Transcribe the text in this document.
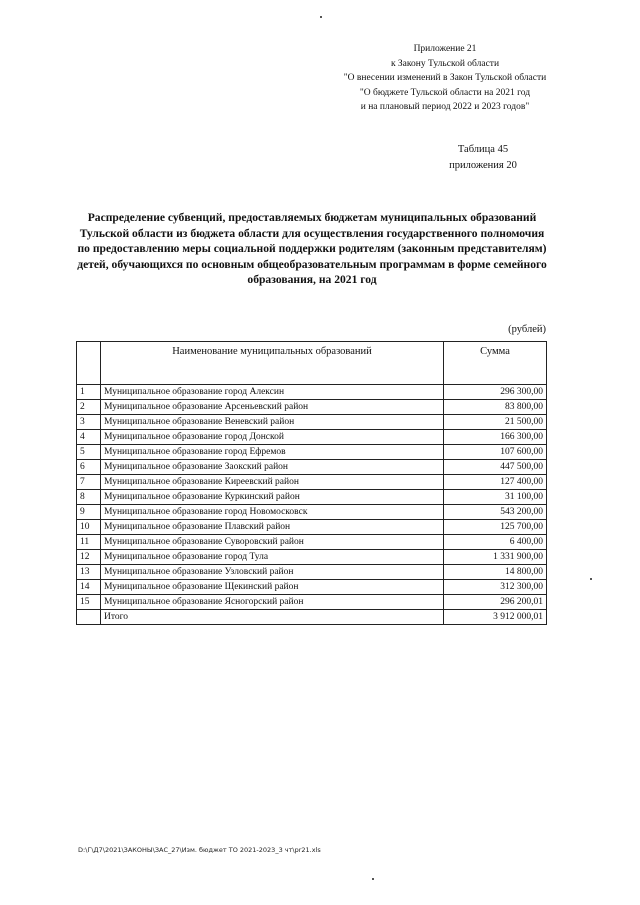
Приложение 21
к Закону Тульской области
"О внесении изменений в Закон Тульской области
"О бюджете Тульской области на 2021 год
и на плановый период 2022 и 2023 годов"
Таблица 45
приложения 20
Распределение субвенций, предоставляемых бюджетам муниципальных образований Тульской области из бюджета области для осуществления государственного полномочия по предоставлению меры социальной поддержки родителям (законным представителям) детей, обучающихся по основным общеобразовательным программам в форме семейного образования, на 2021 год
(рублей)
	Наименование муниципальных образований	Сумма
1	Муниципальное образование город Алексин	296 300,00
2	Муниципальное образование Арсеньевский район	83 800,00
3	Муниципальное образование Веневский район	21 500,00
4	Муниципальное образование город Донской	166 300,00
5	Муниципальное образование город Ефремов	107 600,00
6	Муниципальное образование Заокский район	447 500,00
7	Муниципальное образование Киреевский район	127 400,00
8	Муниципальное образование Куркинский район	31 100,00
9	Муниципальное образование город Новомосковск	543 200,00
10	Муниципальное образование Плавский район	125 700,00
11	Муниципальное образование Суворовский район	6 400,00
12	Муниципальное образование город Тула	1 331 900,00
13	Муниципальное образование Узловский район	14 800,00
14	Муниципальное образование Щекинский район	312 300,00
15	Муниципальное образование Ясногорский район	296 200,01
	Итого	3 912 000,01
D:\Г\Д7\2021\ЗАКОНЫ\ЗАС_27\Изм. бюджет ТО 2021-2023_3 чт\pr21.xls
